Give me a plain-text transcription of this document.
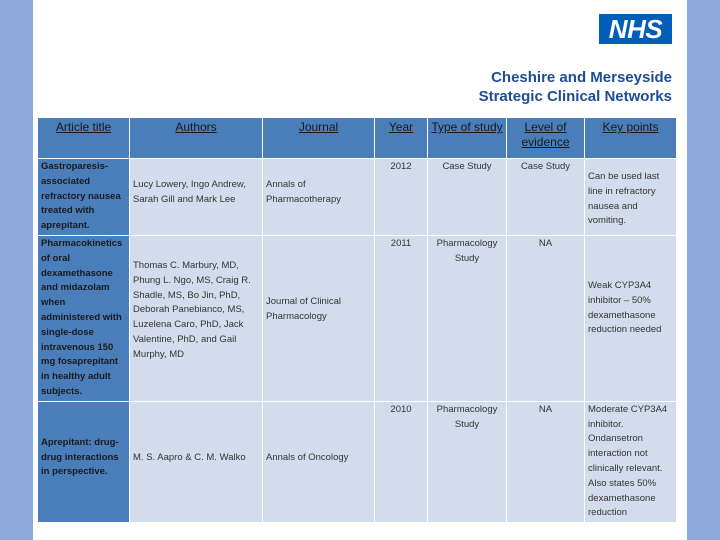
NHS
Cheshire and Merseyside
Strategic Clinical Networks
Article title	Authors	Journal	Year	Type of study	Level of evidence	Key points
Gastroparesis-associated refractory nausea treated with aprepitant.	Lucy Lowery, Ingo Andrew, Sarah Gill and Mark Lee	Annals of Pharmacotherapy	2012	Case Study	Case Study	Can be used last line in refractory nausea and vomiting.
Pharmacokinetics of oral dexamethasone and midazolam when administered with single-dose intravenous 150 mg fosaprepitant in healthy adult subjects.	Thomas C. Marbury, MD, Phung L. Ngo, MS, Craig R. Shadle, MS, Bo Jin, PhD, Deborah Panebianco, MS, Luzelena Caro, PhD, Jack Valentine, PhD, and Gail Murphy, MD	Journal of Clinical Pharmacology	2011	Pharmacology Study	NA	Weak CYP3A4 inhibitor – 50% dexamethasone reduction needed

Aprepitant: drug-drug interactions in perspective.	M. S. Aapro & C. M. Walko	Annals of Oncology	2010	Pharmacology Study	NA	Moderate CYP3A4 inhibitor. Ondansetron interaction not clinically relevant. Also states 50% dexamethasone reduction
